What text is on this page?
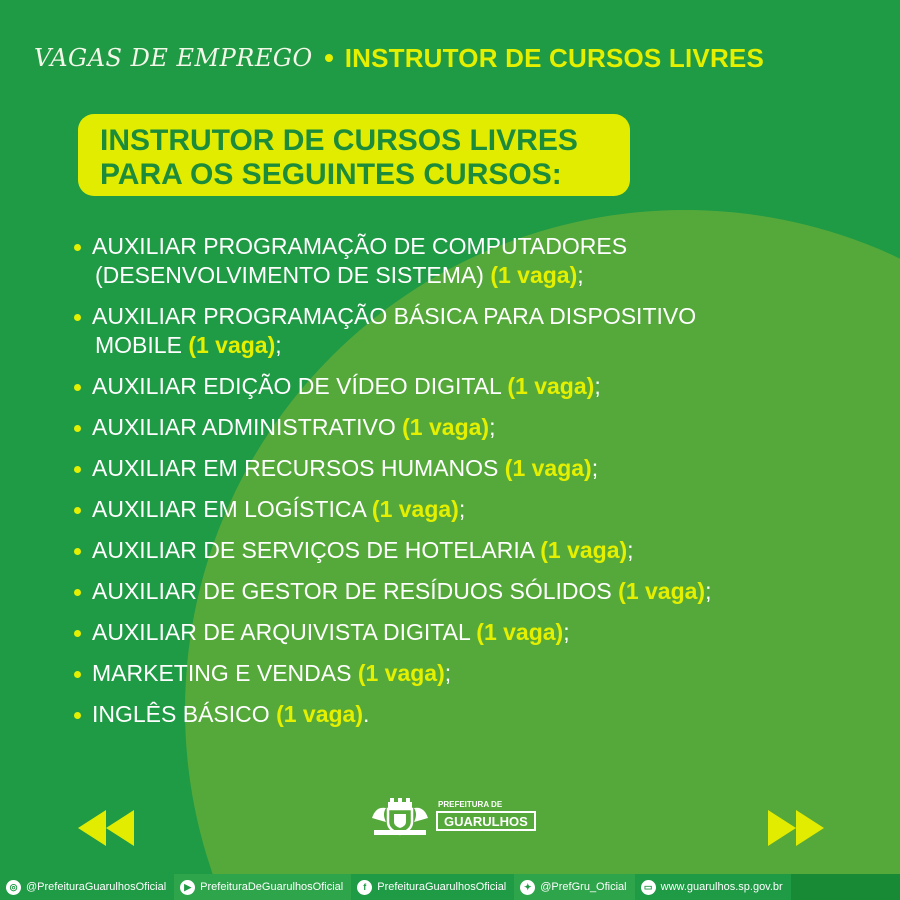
VAGAS DE EMPREGO INSTRUTOR DE CURSOS LIVRES
INSTRUTOR DE CURSOS LIVRES
PARA OS SEGUINTES CURSOS:
AUXILIAR PROGRAMAÇÃO DE COMPUTADORES
(DESENVOLVIMENTO DE SISTEMA) (1 vaga);
AUXILIAR PROGRAMAÇÃO BÁSICA PARA DISPOSITIVO
MOBILE (1 vaga);
AUXILIAR EDIÇÃO DE VÍDEO DIGITAL (1 vaga);
AUXILIAR ADMINISTRATIVO (1 vaga);
AUXILIAR EM RECURSOS HUMANOS (1 vaga);
AUXILIAR EM LOGÍSTICA (1 vaga);
AUXILIAR DE SERVIÇOS DE HOTELARIA (1 vaga);
AUXILIAR DE GESTOR DE RESÍDUOS SÓLIDOS (1 vaga);
AUXILIAR DE ARQUIVISTA DIGITAL (1 vaga);
MARKETING E VENDAS (1 vaga);
INGLÊS BÁSICO (1 vaga).
PREFEITURA DE
GUARULHOS
◎ @PrefeituraGuarulhosOficial	▶ PrefeituraDeGuarulhosOficial	f	PrefeituraGuarulhosOficial	✦ @PrefGru_Oficial	▭ www.guarulhos.sp.gov.br
